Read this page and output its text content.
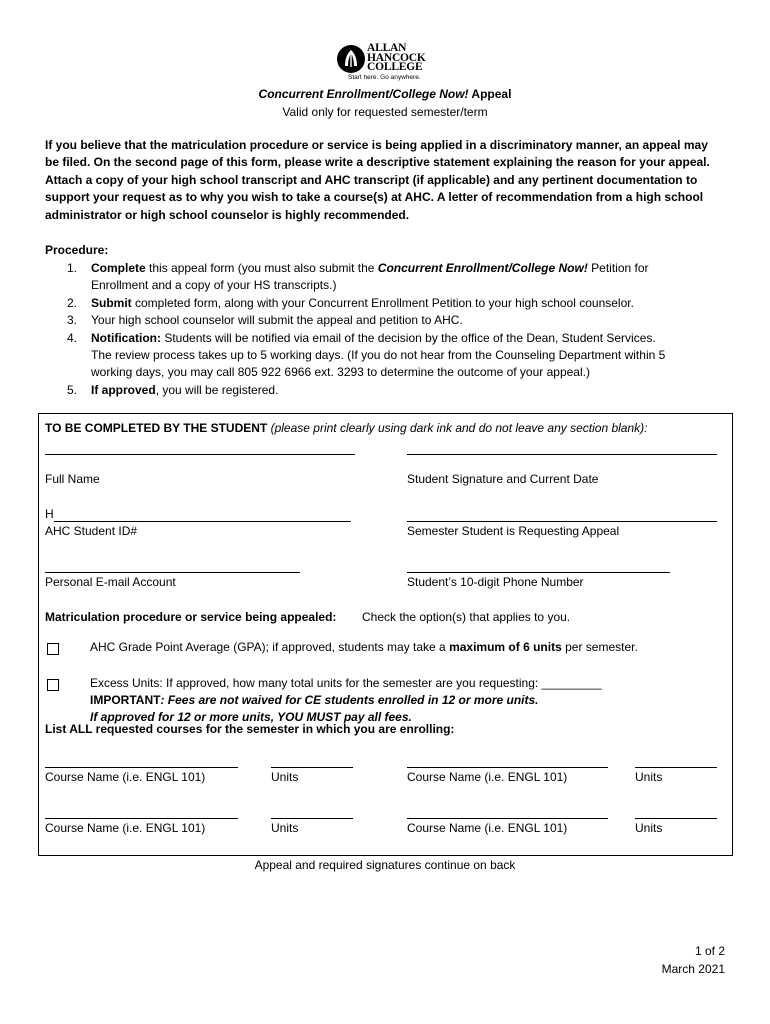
ALLAN
HANCOCK
COLLEGE
Start here. Go anywhere.
Concurrent Enrollment/College Now! Appeal
Valid only for requested semester/term

If you believe that the matriculation procedure or service is being applied in a discriminatory manner, an appeal may

be filed. On the second page of this form, please write a descriptive statement explaining the reason for your appeal.

Attach a copy of your high school transcript and AHC transcript (if applicable) and any pertinent documentation to

support your request as to why you wish to take a course(s) at AHC. A letter of recommendation from a high school

administrator or high school counselor is highly recommended.

Procedure:
1. Complete this appeal form (you must also submit the Concurrent Enrollment/College Now! Petition for
Enrollment and a copy of your HS transcripts.)
2. Submit completed form, along with your Concurrent Enrollment Petition to your high school counselor.
3. Your high school counselor will submit the appeal and petition to AHC.
4. Notification: Students will be notified via email of the decision by the office of the Dean, Student Services.
The review process takes up to 5 working days. (If you do not hear from the Counseling Department within 5
working days, you may call 805 922 6966 ext. 3293 to determine the outcome of your appeal.)
5. If approved, you will be registered.
TO BE COMPLETED BY THE STUDENT (please print clearly using dark ink and do not leave any section blank):
Full Name	Student Signature and Current Date
H
AHC Student ID#	Semester Student is Requesting Appeal
Personal E-mail Account	Student’s 10-digit Phone Number
Matriculation procedure or service being appealed: Check the option(s) that applies to you.
AHC Grade Point Average (GPA); if approved, students may take a maximum of 6 units per semester.
Excess Units: If approved, how many total units for the semester are you requesting: _________
IMPORTANT: Fees are not waived for CE students enrolled in 12 or more units.
If approved for 12 or more units, YOU MUST pay all fees.
List ALL requested courses for the semester in which you are enrolling:
Course Name (i.e. ENGL 101)	Units	Course Name (i.e. ENGL 101)	Units
Course Name (i.e. ENGL 101)	Units	Course Name (i.e. ENGL 101)	Units
Appeal and required signatures continue on back
1 of 2
March 2021
